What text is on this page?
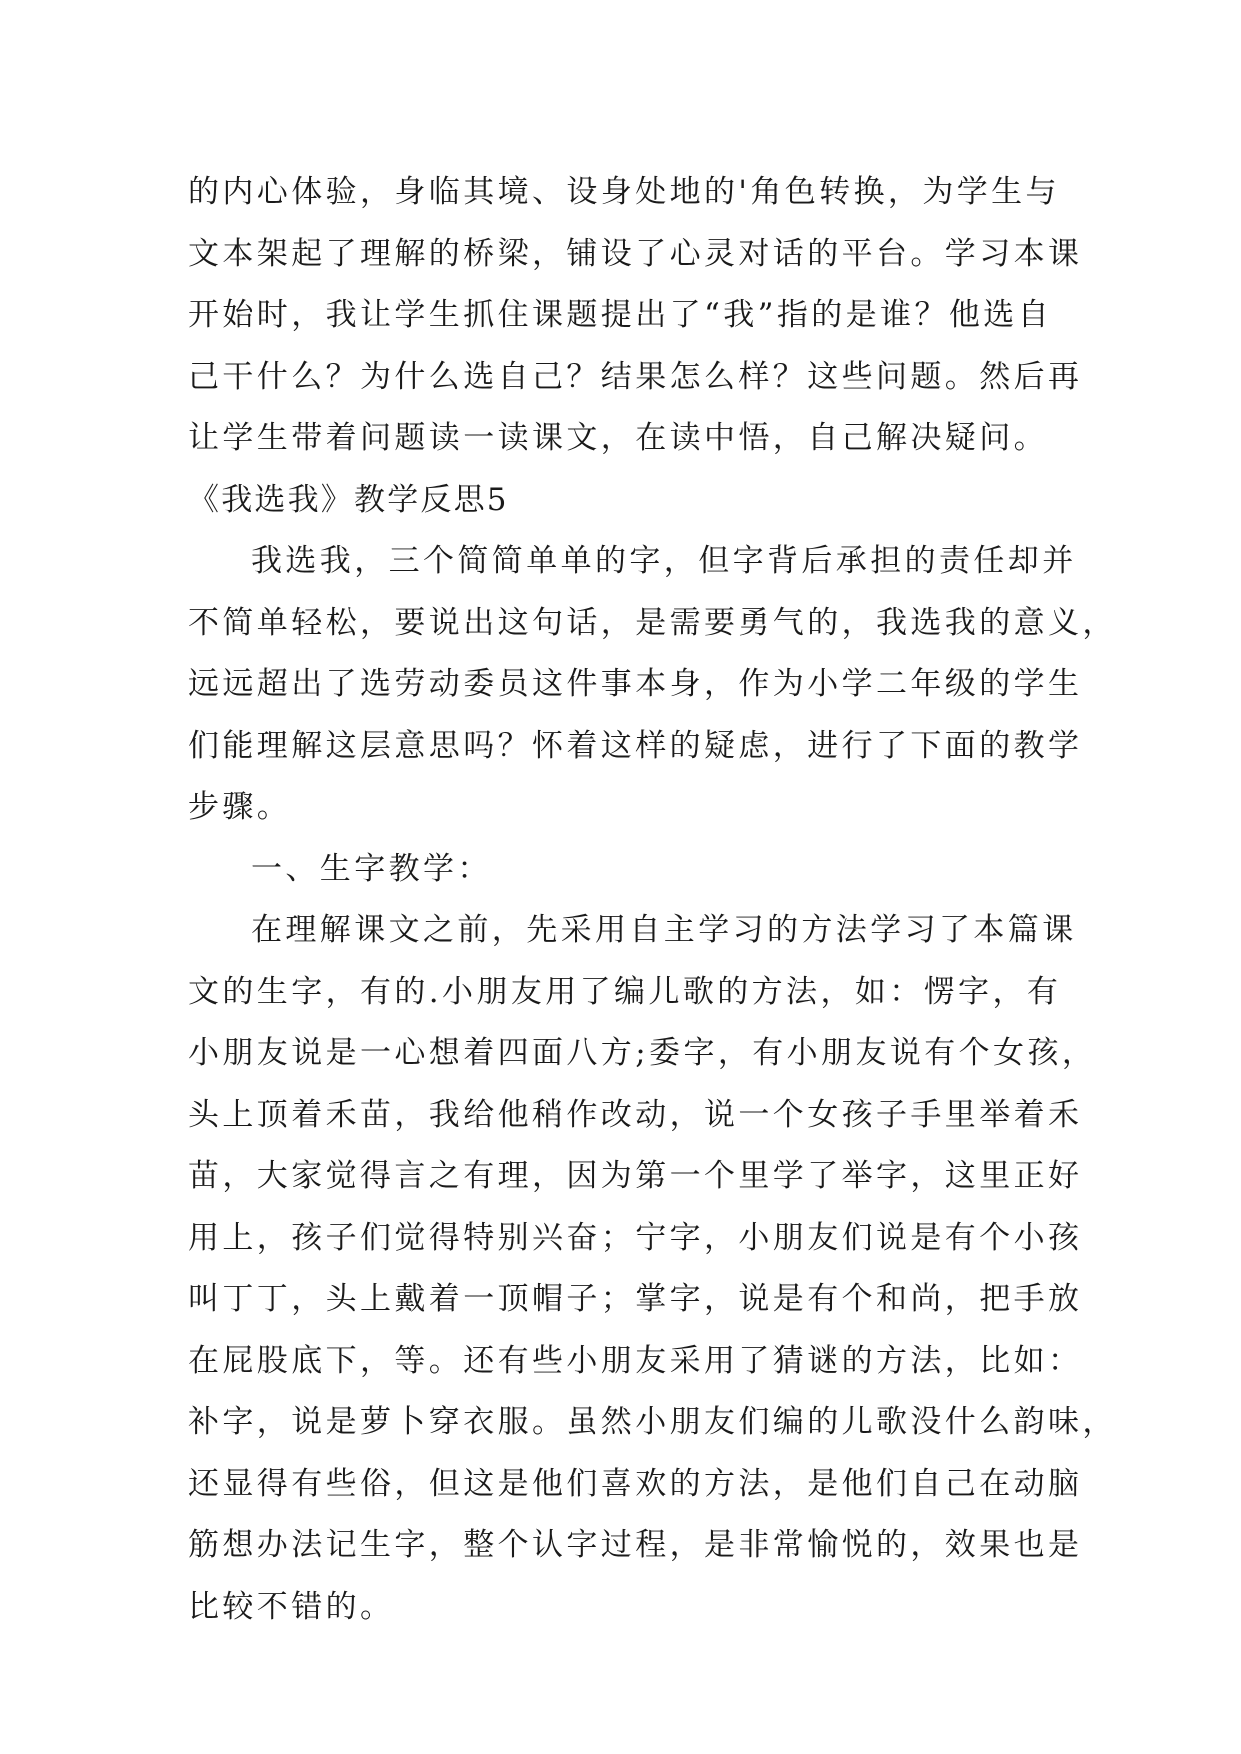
的内心体验，身临其境、设身处地的'角色转换，为学生与
文本架起了理解的桥梁，铺设了心灵对话的平台。学习本课
开始时，我让学生抓住课题提出了“我”指的是谁？他选自
己干什么？为什么选自己？结果怎么样？这些问题。然后再
让学生带着问题读一读课文，在读中悟，自己解决疑问。
《我选我》教学反思5
我选我，三个简简单单的字，但字背后承担的责任却并
不简单轻松，要说出这句话，是需要勇气的，我选我的意义，
远远超出了选劳动委员这件事本身，作为小学二年级的学生
们能理解这层意思吗？怀着这样的疑虑，进行了下面的教学
步骤。
一、生字教学：
在理解课文之前，先采用自主学习的方法学习了本篇课
文的生字，有的.小朋友用了编儿歌的方法，如：愣字，有
小朋友说是一心想着四面八方;委字，有小朋友说有个女孩，
头上顶着禾苗，我给他稍作改动，说一个女孩子手里举着禾
苗，大家觉得言之有理，因为第一个里学了举字，这里正好
用上，孩子们觉得特别兴奋；宁字，小朋友们说是有个小孩
叫丁丁，头上戴着一顶帽子；掌字，说是有个和尚，把手放
在屁股底下，等。还有些小朋友采用了猜谜的方法，比如：
补字，说是萝卜穿衣服。虽然小朋友们编的儿歌没什么韵味，
还显得有些俗，但这是他们喜欢的方法，是他们自己在动脑
筋想办法记生字，整个认字过程，是非常愉悦的，效果也是
比较不错的。
